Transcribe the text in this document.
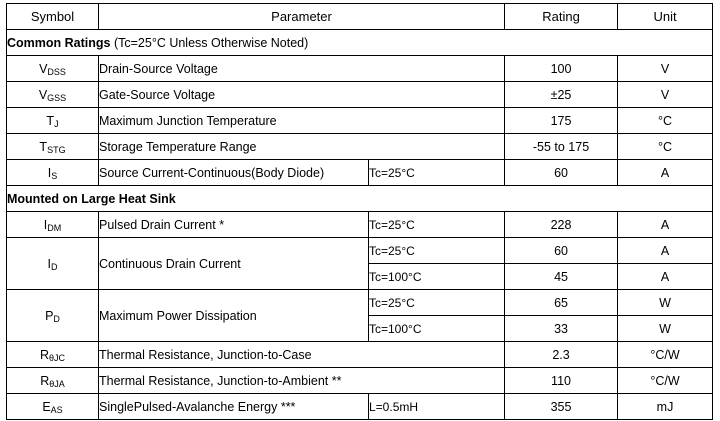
Symbol	Parameter		Rating	Unit
Common Ratings (Tc=25°C Unless Otherwise Noted)				
$V_{DSS}$	Drain-Source Voltage		100	V
$V_{GSS}$	Gate-Source Voltage		±25	V
$T_J$	Maximum Junction Temperature		175	°C
$T_{STG}$	Storage Temperature Range		-55 to 175	°C
$I_S$	Source Current-Continuous(Body Diode)	Tc=25°C	60	A
Mounted on Large Heat Sink				
$I_{DM}$	Pulsed Drain Current *	Tc=25°C	228	A
$I_D$	Continuous Drain Current	Tc=25°C	60	A
		Tc=100°C	45	A
$P_D$	Maximum Power Dissipation	Tc=25°C	65	W
		Tc=100°C	33	W
$R_{\theta JC}$	Thermal Resistance, Junction-to-Case		2.3	°C/W
$R_{\theta JA}$	Thermal Resistance, Junction-to-Ambient **		110	°C/W
$E_{AS}$	SinglePulsed-Avalanche Energy ***	L=0.5mH	355	mJ
